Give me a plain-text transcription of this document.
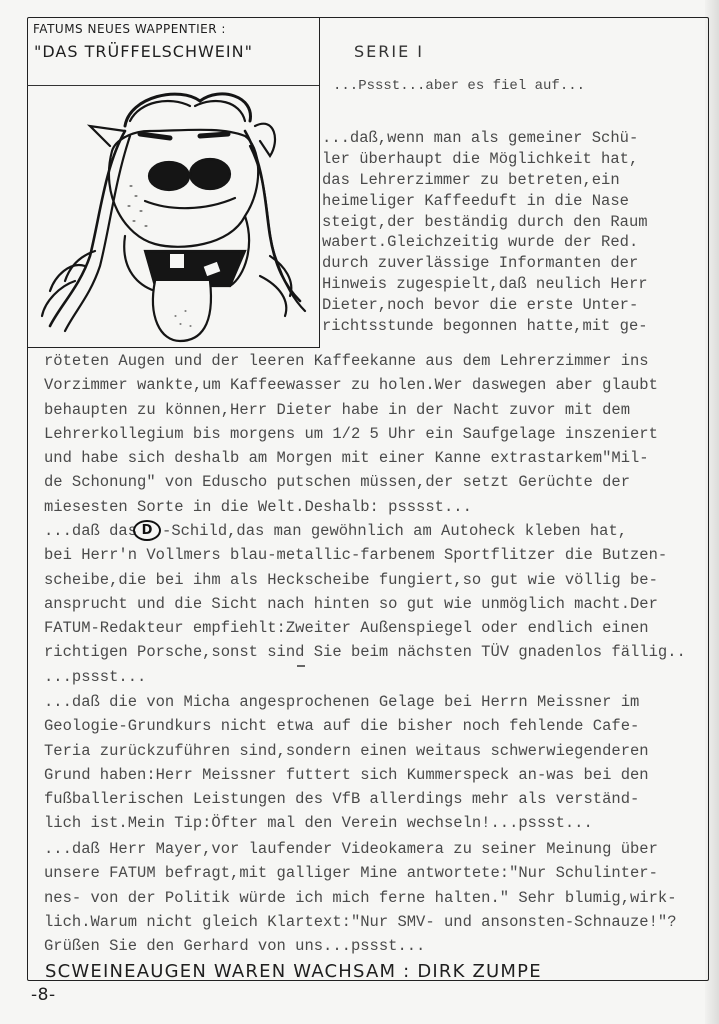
FATUMS NEUES WAPPENTIER :
"DAS TRÜFFELSCHWEIN"	SERIE I
...Pssst...aber es fiel auf...
...daß,wenn man als gemeiner Schü-
ler überhaupt die Möglichkeit hat,
das Lehrerzimmer zu betreten,ein
heimeliger Kaffeeduft in die Nase
steigt,der beständig durch den Raum
wabert.Gleichzeitig wurde der Red.
durch zuverlässige Informanten der
Hinweis zugespielt,daß neulich Herr
Dieter,noch bevor die erste Unter-
richtsstunde begonnen hatte,mit ge-
röteten Augen und der leeren Kaffeekanne aus dem Lehrerzimmer ins
Vorzimmer wankte,um Kaffeewasser zu holen.Wer daswegen aber glaubt
behaupten zu können,Herr Dieter habe in der Nacht zuvor mit dem
Lehrerkollegium bis morgens um 1/2 5 Uhr ein Saufgelage inszeniert
und habe sich deshalb am Morgen mit einer Kanne extrastarkem"Mil-
de Schonung" von Eduscho putschen müssen,der setzt Gerüchte der
miesesten Sorte in die Welt.Deshalb: psssst...
...daß das D -Schild,das man gewöhnlich am Autoheck kleben hat,
bei Herr'n Vollmers blau-metallic-farbenem Sportflitzer die Butzen-
scheibe,die bei ihm als Heckscheibe fungiert,so gut wie völlig be-
ansprucht und die Sicht nach hinten so gut wie unmöglich macht.Der
FATUM-Redakteur empfiehlt:Zweiter Außenspiegel oder endlich einen
richtigen Porsche,sonst sind Sie beim nächsten TÜV gnadenlos fällig..
...pssst...
...daß die von Micha angesprochenen Gelage bei Herrn Meissner im
Geologie-Grundkurs nicht etwa auf die bisher noch fehlende Cafe-
Teria zurückzuführen sind,sondern einen weitaus schwerwiegenderen
Grund haben:Herr Meissner futtert sich Kummerspeck an-was bei den
fußballerischen Leistungen des VfB allerdings mehr als verständ-
lich ist.Mein Tip:Öfter mal den Verein wechseln!...pssst...
...daß Herr Mayer,vor laufender Videokamera zu seiner Meinung über
unsere FATUM befragt,mit galliger Mine antwortete:"Nur Schulinter-
nes- von der Politik würde ich mich ferne halten." Sehr blumig,wirk-
lich.Warum nicht gleich Klartext:"Nur SMV- und ansonsten-Schnauze!"?
Grüßen Sie den Gerhard von uns...pssst...
SCWEINEAUGEN WAREN WACHSAM : DIRK ZUMPE
-8-
